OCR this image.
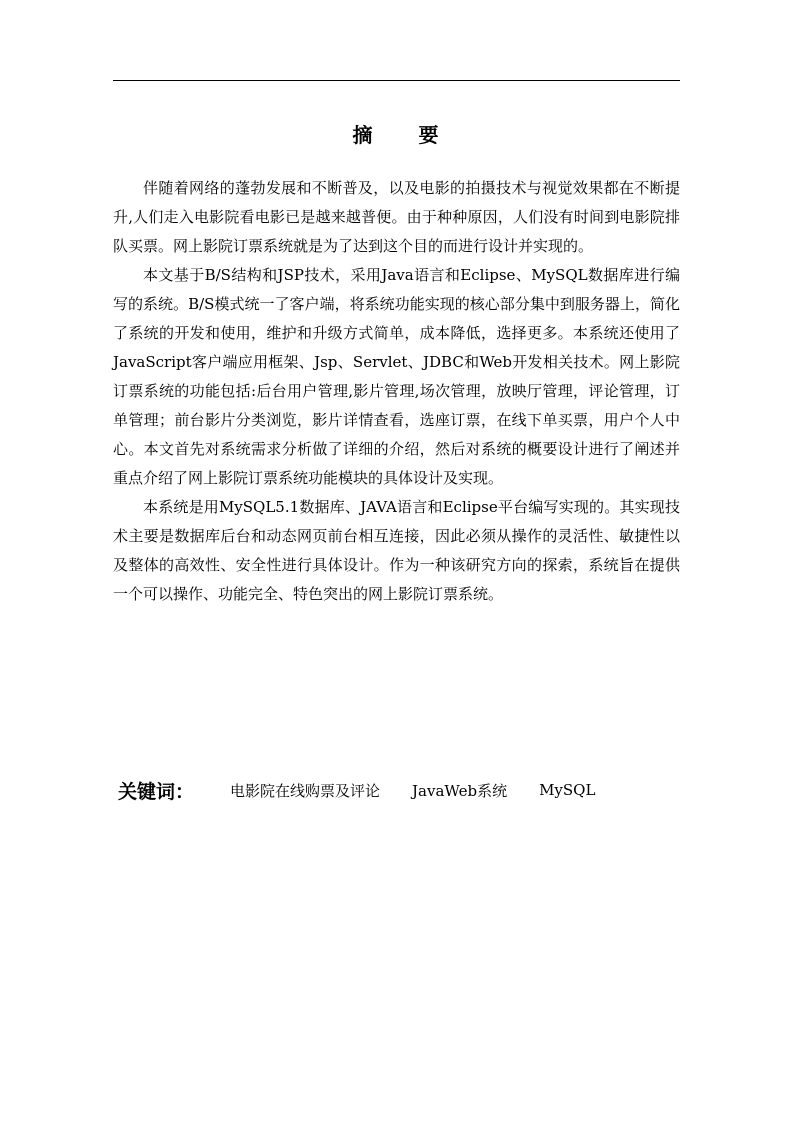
摘　　要

伴随着网络的蓬勃发展和不断普及，以及电影的拍摄技术与视觉效果都在不断提升,人们走入电影院看电影已是越来越普便。由于种种原因，人们没有时间到电影院排队买票。网上影院订票系统就是为了达到这个目的而进行设计并实现的。

本文基于B/S结构和JSP技术，采用Java语言和Eclipse、MySQL数据库进行编写的系统。B/S模式统一了客户端，将系统功能实现的核心部分集中到服务器上，简化了系统的开发和使用，维护和升级方式简单，成本降低，选择更多。本系统还使用了JavaScript客户端应用框架、Jsp、Servlet、JDBC和Web开发相关技术。网上影院订票系统的功能包括:后台用户管理,影片管理,场次管理，放映厅管理，评论管理，订单管理；前台影片分类浏览，影片详情查看，选座订票，在线下单买票，用户个人中心。本文首先对系统需求分析做了详细的介绍，然后对系统的概要设计进行了阐述并重点介绍了网上影院订票系统功能模块的具体设计及实现。

本系统是用MySQL5.1数据库、JAVA语言和Eclipse平台编写实现的。其实现技术主要是数据库后台和动态网页前台相互连接，因此必须从操作的灵活性、敏捷性以及整体的高效性、安全性进行具体设计。作为一种该研究方向的探索，系统旨在提供一个可以操作、功能完全、特色突出的网上影院订票系统。

关键词： 电影院在线购票及评论 JavaWeb系统 MySQL
